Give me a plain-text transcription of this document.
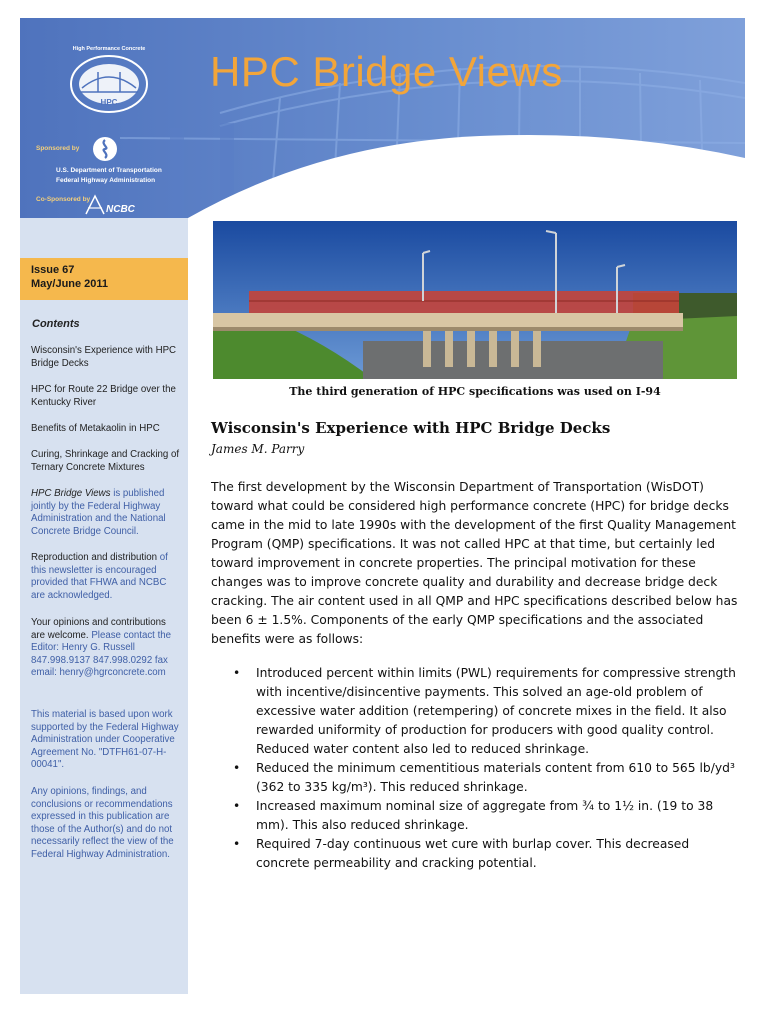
HPC
High Performance Concrete HPC Bridge Views
Sponsored by
U.S. Department of Transportation
Federal Highway Administration
Co-Sponsored by
NCBC
Issue 67
May/June 2011
Contents
Wisconsin's Experience with HPC Bridge Decks
HPC for Route 22 Bridge over the Kentucky River
Benefits of Metakaolin in HPC
Curing, Shrinkage and Cracking of Ternary Concrete Mixtures
HPC Bridge Views is published jointly by the Federal Highway Administration and the National Concrete Bridge Council.
Reproduction and distribution of this newsletter is encouraged provided that FHWA and NCBC are acknowledged.
Your opinions and contributions are welcome. Please contact the Editor: Henry G. Russell 847.998.9137 847.998.0292 fax email: henry@hgrconcrete.com
This material is based upon work supported by the Federal Highway Administration under Cooperative Agreement No. "DTFH61-07-H-00041".
Any opinions, findings, and conclusions or recommendations expressed in this publication are those of the Author(s) and do not necessarily reflect the view of the Federal Highway Administration.
The third generation of HPC specifications was used on I-94
Wisconsin's Experience with HPC Bridge Decks
James M. Parry
The first development by the Wisconsin Department of Transportation (WisDOT) toward what could be considered high performance concrete (HPC) for bridge decks came in the mid to late 1990s with the development of the first Quality Management Program (QMP) specifications. It was not called HPC at that time, but certainly led toward improvement in concrete properties. The principal motivation for these changes was to improve concrete quality and durability and decrease bridge deck cracking. The air content used in all QMP and HPC specifications described below has been 6 ± 1.5%. Components of the early QMP specifications and the associated benefits were as follows:
• Introduced percent within limits (PWL) requirements for compressive strength with incentive/disincentive payments. This solved an age-old problem of excessive water addition (retempering) of concrete mixes in the field. It also rewarded uniformity of production for producers with good quality control. Reduced water content also led to reduced shrinkage.
• Reduced the minimum cementitious materials content from 610 to 565 lb/yd³ (362 to 335 kg/m³). This reduced shrinkage.
• Increased maximum nominal size of aggregate from ¾ to 1½ in. (19 to 38 mm). This also reduced shrinkage.
• Required 7-day continuous wet cure with burlap cover. This decreased concrete permeability and cracking potential.
